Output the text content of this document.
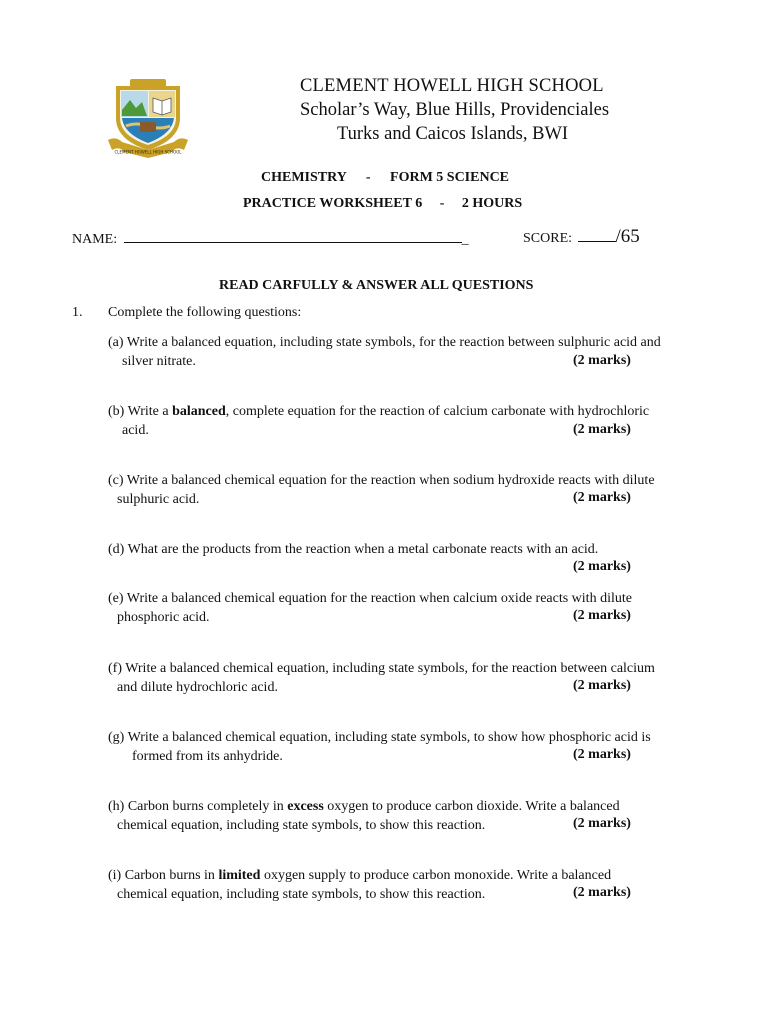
CLEMENT HOWELL HIGH SCHOOL
CLEMENT HOWELL HIGH SCHOOL
Scholar’s Way, Blue Hills, Providenciales
Turks and Caicos Islands, BWI
CHEMISTRY - FORM 5 SCIENCE
PRACTICE WORKSHEET 6 - 2 HOURS
NAME:	_	SCORE: /65
READ CARFULLY & ANSWER ALL QUESTIONS
1. Complete the following questions:
(a) Write a balanced equation, including state symbols, for the reaction between sulphuric acid and
silver nitrate.	(2 marks)
(b) Write a balanced, complete equation for the reaction of calcium carbonate with hydrochloric
acid.	(2 marks)
(c) Write a balanced chemical equation for the reaction when sodium hydroxide reacts with dilute
sulphuric acid.	(2 marks)
(d) What are the products from the reaction when a metal carbonate reacts with an acid.
(2 marks)
(e) Write a balanced chemical equation for the reaction when calcium oxide reacts with dilute
phosphoric acid.	(2 marks)
(f) Write a balanced chemical equation, including state symbols, for the reaction between calcium
and dilute hydrochloric acid.	(2 marks)
(g) Write a balanced chemical equation, including state symbols, to show how phosphoric acid is
formed from its anhydride.	(2 marks)
(h) Carbon burns completely in excess oxygen to produce carbon dioxide. Write a balanced
chemical equation, including state symbols, to show this reaction.	(2 marks)
(i) Carbon burns in limited oxygen supply to produce carbon monoxide. Write a balanced
chemical equation, including state symbols, to show this reaction.	(2 marks)
